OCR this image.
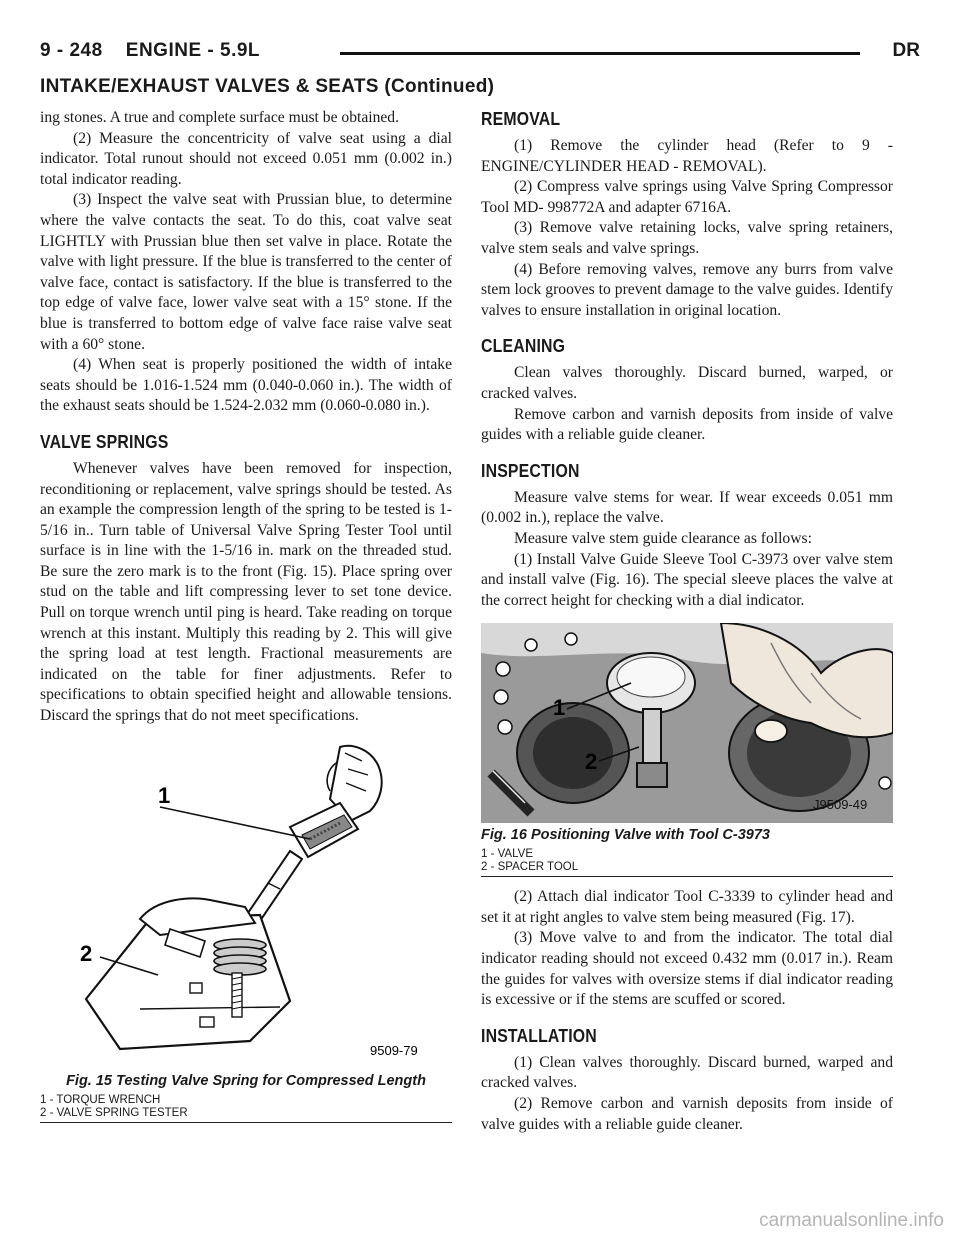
9 - 248    ENGINE - 5.9L	DR
INTAKE/EXHAUST VALVES & SEATS (Continued)

ing stones. A true and complete surface must be obtained.

(2) Measure the concentricity of valve seat using a dial indicator. Total runout should not exceed 0.051 mm (0.002 in.) total indicator reading.

(3) Inspect the valve seat with Prussian blue, to determine where the valve contacts the seat. To do this, coat valve seat LIGHTLY with Prussian blue then set valve in place. Rotate the valve with light pressure. If the blue is transferred to the center of valve face, contact is satisfactory. If the blue is transferred to the top edge of valve face, lower valve seat with a 15° stone. If the blue is transferred to bottom edge of valve face raise valve seat with a 60° stone.

(4) When seat is properly positioned the width of intake seats should be 1.016-1.524 mm (0.040-0.060 in.). The width of the exhaust seats should be 1.524-2.032 mm (0.060-0.080 in.).

VALVE SPRINGS

Whenever valves have been removed for inspection, reconditioning or replacement, valve springs should be tested. As an example the compression length of the spring to be tested is 1-5/16 in.. Turn table of Universal Valve Spring Tester Tool until surface is in line with the 1-5/16 in. mark on the threaded stud. Be sure the zero mark is to the front (Fig. 15). Place spring over stud on the table and lift compressing lever to set tone device. Pull on torque wrench until ping is heard. Take reading on torque wrench at this instant. Multiply this reading by 2. This will give the spring load at test length. Fractional measurements are indicated on the table for finer adjustments. Refer to specifications to obtain specified height and allowable tensions. Discard the springs that do not meet specifications.

1
2
9509-79
Fig. 15 Testing Valve Spring for Compressed Length
1 - TORQUE WRENCH
2 - VALVE SPRING TESTER
REMOVAL

(1) Remove the cylinder head (Refer to 9 - ENGINE/CYLINDER HEAD - REMOVAL).

(2) Compress valve springs using Valve Spring Compressor Tool MD- 998772A and adapter 6716A.

(3) Remove valve retaining locks, valve spring retainers, valve stem seals and valve springs.

(4) Before removing valves, remove any burrs from valve stem lock grooves to prevent damage to the valve guides. Identify valves to ensure installation in original location.

CLEANING

Clean valves thoroughly. Discard burned, warped, or cracked valves.

Remove carbon and varnish deposits from inside of valve guides with a reliable guide cleaner.

INSPECTION

Measure valve stems for wear. If wear exceeds 0.051 mm (0.002 in.), replace the valve.

Measure valve stem guide clearance as follows:

(1) Install Valve Guide Sleeve Tool C-3973 over valve stem and install valve (Fig. 16). The special sleeve places the valve at the correct height for checking with a dial indicator.

1
2
J9509-49
Fig. 16 Positioning Valve with Tool C-3973
1 - VALVE
2 - SPACER TOOL

(2) Attach dial indicator Tool C-3339 to cylinder head and set it at right angles to valve stem being measured (Fig. 17).

(3) Move valve to and from the indicator. The total dial indicator reading should not exceed 0.432 mm (0.017 in.). Ream the guides for valves with oversize stems if dial indicator reading is excessive or if the stems are scuffed or scored.

INSTALLATION

(1) Clean valves thoroughly. Discard burned, warped and cracked valves.

(2) Remove carbon and varnish deposits from inside of valve guides with a reliable guide cleaner.

carmanualsonline.info
